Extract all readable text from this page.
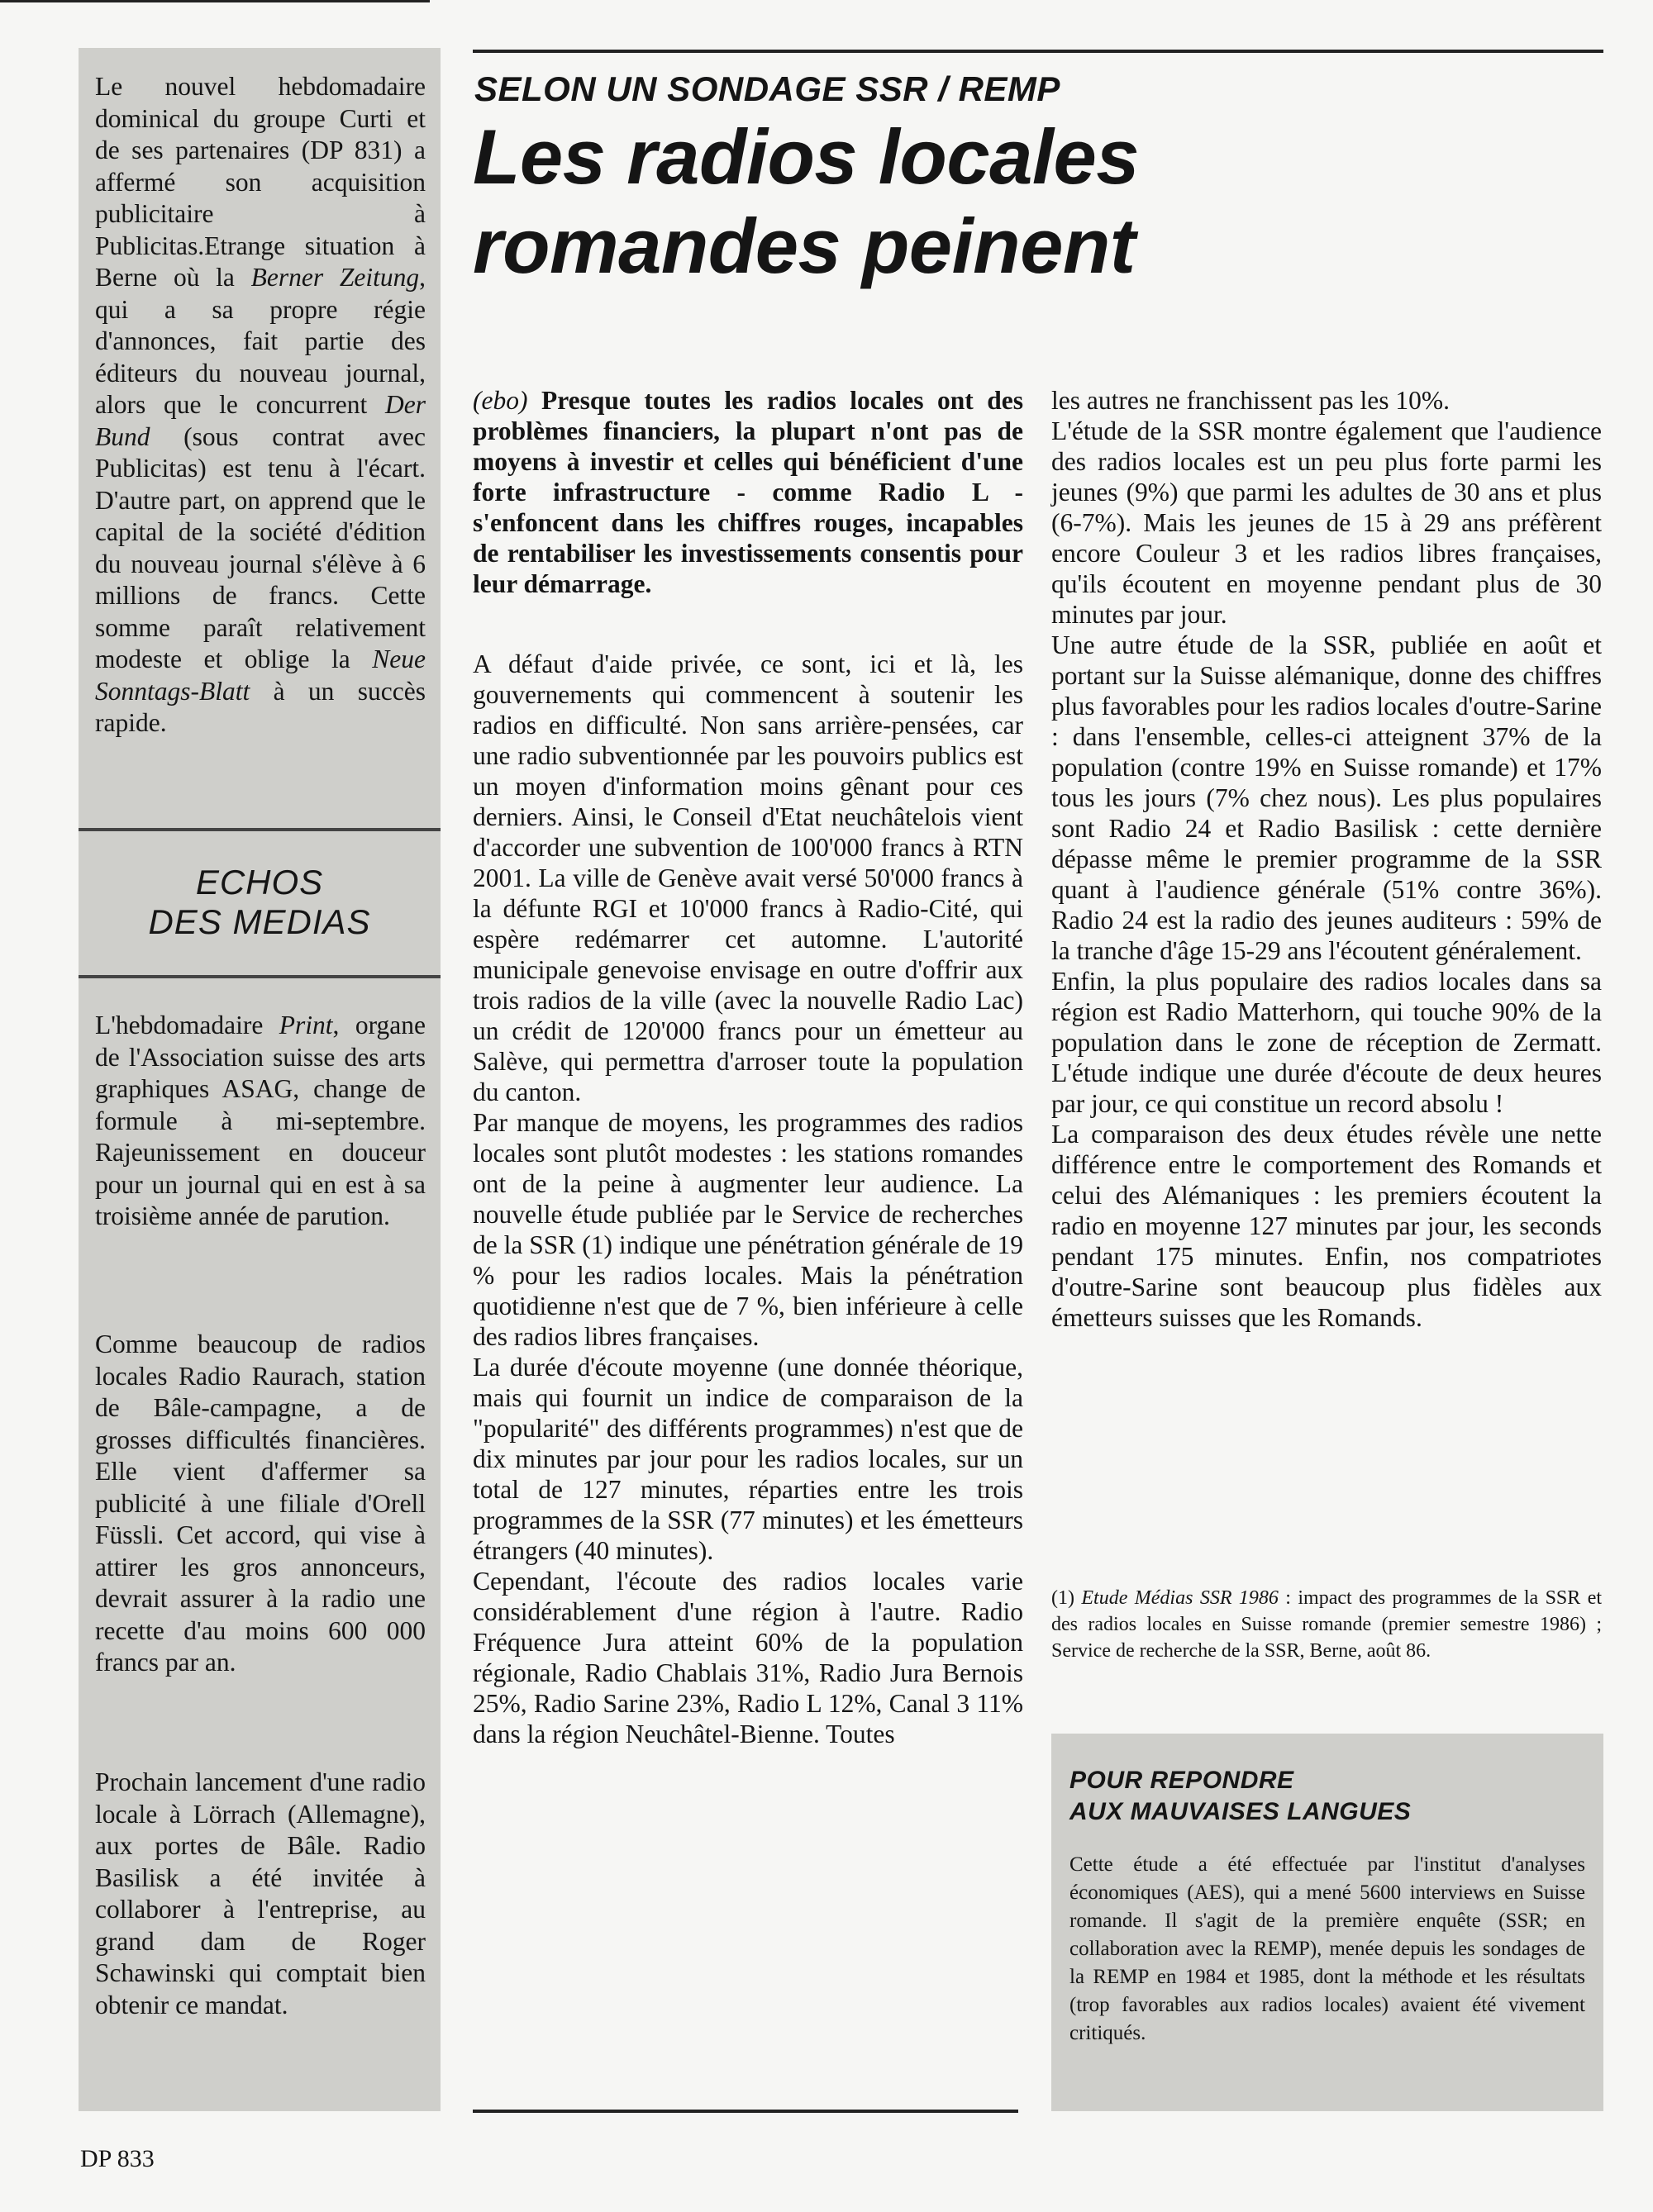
Le nouvel hebdomadaire dominical du groupe Curti et de ses partenaires (DP 831) a affermé son acquisition publicitaire à Publicitas.Etrange situation à Berne où la Berner Zeitung, qui a sa propre régie d'annonces, fait partie des éditeurs du nouveau journal, alors que le concurrent Der Bund (sous contrat avec Publicitas) est tenu à l'écart. D'autre part, on apprend que le capital de la société d'édition du nouveau journal s'élève à 6 millions de francs. Cette somme paraît relativement modeste et oblige la Neue Sonntags-Blatt à un succès rapide.
ECHOS
DES MEDIAS
L'hebdomadaire Print, organe de l'Association suisse des arts graphiques ASAG, change de formule à mi-septembre. Rajeunissement en douceur pour un journal qui en est à sa troisième année de parution.
Comme beaucoup de radios locales Radio Raurach, station de Bâle-campagne, a de grosses difficultés financières. Elle vient d'affermer sa publicité à une filiale d'Orell Füssli. Cet accord, qui vise à attirer les gros annonceurs, devrait assurer à la radio une recette d'au moins 600 000 francs par an.
Prochain lancement d'une radio locale à Lörrach (Allemagne), aux portes de Bâle. Radio Basilisk a été invitée à collaborer à l'entreprise, au grand dam de Roger Schawinski qui comptait bien obtenir ce mandat.
SELON UN SONDAGE SSR / REMP
Les radios locales
romandes peinent

(ebo) Presque toutes les radios locales ont des problèmes financiers, la plupart n'ont pas de moyens à investir et celles qui bénéficient d'une forte infrastructure - comme Radio L - s'enfoncent dans les chiffres rouges, incapables de rentabiliser les investissements consentis pour leur démarrage.

A défaut d'aide privée, ce sont, ici et là, les gouvernements qui commencent à soutenir les radios en difficulté. Non sans arrière-pensées, car une radio subventionnée par les pouvoirs publics est un moyen d'information moins gênant pour ces derniers. Ainsi, le Conseil d'Etat neuchâtelois vient d'accorder une subvention de 100'000 francs à RTN 2001. La ville de Genève avait versé 50'000 francs à la défunte RGI et 10'000 francs à Radio-Cité, qui espère redémarrer cet automne. L'autorité municipale genevoise envisage en outre d'offrir aux trois radios de la ville (avec la nouvelle Radio Lac) un crédit de 120'000 francs pour un émetteur au Salève, qui permettra d'arroser toute la population du canton.

Par manque de moyens, les programmes des radios locales sont plutôt modestes : les stations romandes ont de la peine à augmenter leur audience. La nouvelle étude publiée par le Service de recherches de la SSR (1) indique une pénétration générale de 19 % pour les radios locales. Mais la pénétration quotidienne n'est que de 7 %, bien inférieure à celle des radios libres françaises.

La durée d'écoute moyenne (une donnée théorique, mais qui fournit un indice de comparaison de la "popularité" des différents programmes) n'est que de dix minutes par jour pour les radios locales, sur un total de 127 minutes, réparties entre les trois programmes de la SSR (77 minutes) et les émetteurs étrangers (40 minutes).

Cependant, l'écoute des radios locales varie considérablement d'une région à l'autre. Radio Fréquence Jura atteint 60% de la population régionale, Radio Chablais 31%, Radio Jura Bernois 25%, Radio Sarine 23%, Radio L 12%, Canal 3 11% dans la région Neuchâtel-Bienne. Toutes

les autres ne franchissent pas les 10%.

L'étude de la SSR montre également que l'audience des radios locales est un peu plus forte parmi les jeunes (9%) que parmi les adultes de 30 ans et plus (6-7%). Mais les jeunes de 15 à 29 ans préfèrent encore Couleur 3 et les radios libres françaises, qu'ils écoutent en moyenne pendant plus de 30 minutes par jour.

Une autre étude de la SSR, publiée en août et portant sur la Suisse alémanique, donne des chiffres plus favorables pour les radios locales d'outre-Sarine : dans l'ensemble, celles-ci atteignent 37% de la population (contre 19% en Suisse romande) et 17% tous les jours (7% chez nous). Les plus populaires sont Radio 24 et Radio Basilisk : cette dernière dépasse même le premier programme de la SSR quant à l'audience générale (51% contre 36%). Radio 24 est la radio des jeunes auditeurs : 59% de la tranche d'âge 15-29 ans l'écoutent généralement.

Enfin, la plus populaire des radios locales dans sa région est Radio Matterhorn, qui touche 90% de la population dans le zone de réception de Zermatt. L'étude indique une durée d'écoute de deux heures par jour, ce qui constitue un record absolu !

La comparaison des deux études révèle une nette différence entre le comportement des Romands et celui des Alémaniques : les premiers écoutent la radio en moyenne 127 minutes par jour, les seconds pendant 175 minutes. Enfin, nos compatriotes d'outre-Sarine sont beaucoup plus fidèles aux émetteurs suisses que les Romands.

(1) Etude Médias SSR 1986 : impact des programmes de la SSR et des radios locales en Suisse romande (premier semestre 1986) ; Service de recherche de la SSR, Berne, août 86.
POUR REPONDRE
AUX MAUVAISES LANGUES
Cette étude a été effectuée par l'institut d'analyses économiques (AES), qui a mené 5600 interviews en Suisse romande. Il s'agit de la première enquête (SSR; en collaboration avec la REMP), menée depuis les sondages de la REMP en 1984 et 1985, dont la méthode et les résultats (trop favorables aux radios locales) avaient été vivement critiqués.
DP 833
